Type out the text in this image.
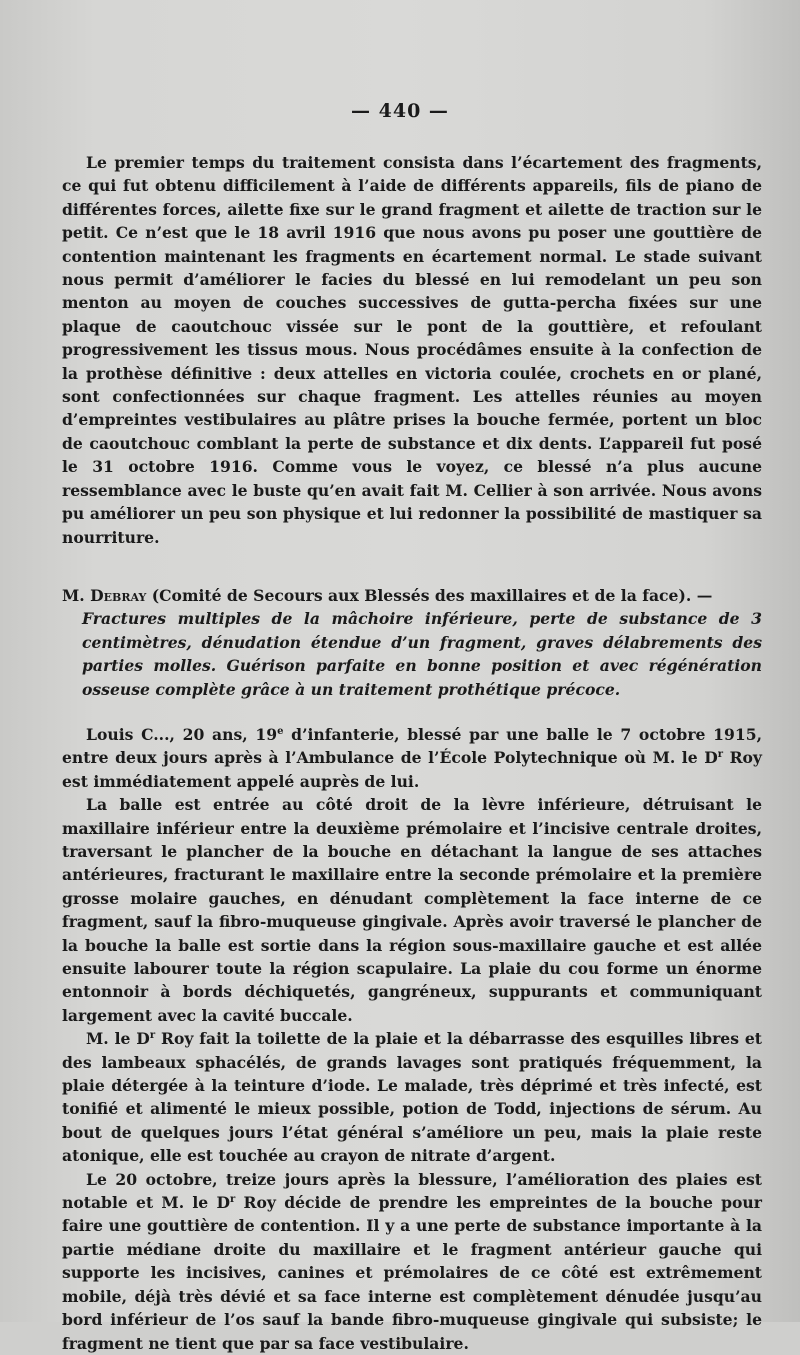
— 440 —

Le premier temps du traitement consista dans l’écartement des fragments, ce qui fut obtenu difficilement à l’aide de différents appareils, fils de piano de différentes forces, ailette fixe sur le grand fragment et ailette de traction sur le petit. Ce n’est que le 18 avril 1916 que nous avons pu poser une gouttière de contention maintenant les fragments en écartement normal. Le stade suivant nous permit d’améliorer le facies du blessé en lui remodelant un peu son menton au moyen de couches successives de gutta-percha fixées sur une plaque de caoutchouc vissée sur le pont de la gouttière, et refoulant progressivement les tissus mous. Nous procédâmes ensuite à la confection de la prothèse définitive : deux attelles en victoria coulée, crochets en or plané, sont confectionnées sur chaque fragment. Les attelles réunies au moyen d’empreintes vestibulaires au plâtre prises la bouche fermée, portent un bloc de caoutchouc comblant la perte de substance et dix dents. L’appareil fut posé le 31 octobre 1916. Comme vous le voyez, ce blessé n’a plus aucune ressemblance avec le buste qu’en avait fait M. Cellier à son arrivée. Nous avons pu améliorer un peu son physique et lui redonner la possibilité de mastiquer sa nourriture.

M. Debray (Comité de Secours aux Blessés des maxillaires et de la face). —

Fractures multiples de la mâchoire inférieure, perte de substance de 3 centimètres, dénudation étendue d’un fragment, graves délabrements des parties molles. Guérison parfaite en bonne position et avec régénération osseuse complète grâce à un traitement prothétique précoce.

Louis C..., 20 ans, 19e d’infanterie, blessé par une balle le 7 octobre 1915, entre deux jours après à l’Ambulance de l’École Polytechnique où M. le $D^r$ Roy est immédiatement appelé auprès de lui.

La balle est entrée au côté droit de la lèvre inférieure, détruisant le maxillaire inférieur entre la deuxième prémolaire et l’incisive centrale droites, traversant le plancher de la bouche en détachant la langue de ses attaches antérieures, fracturant le maxillaire entre la seconde prémolaire et la première grosse molaire gauches, en dénudant complètement la face interne de ce fragment, sauf la fibro-muqueuse gingivale. Après avoir traversé le plancher de la bouche la balle est sortie dans la région sous-maxillaire gauche et est allée ensuite labourer toute la région scapulaire. La plaie du cou forme un énorme entonnoir à bords déchiquetés, gangréneux, suppurants et communiquant largement avec la cavité buccale.

M. le $D^r$ Roy fait la toilette de la plaie et la débarrasse des esquilles libres et des lambeaux sphacélés, de grands lavages sont pratiqués fréquemment, la plaie détergée à la teinture d’iode. Le malade, très déprimé et très infecté, est tonifié et alimenté le mieux possible, potion de Todd, injections de sérum. Au bout de quelques jours l’état général s’améliore un peu, mais la plaie reste atonique, elle est touchée au crayon de nitrate d’argent.

Le 20 octobre, treize jours après la blessure, l’amélioration des plaies est notable et M. le $D^r$ Roy décide de prendre les empreintes de la bouche pour faire une gouttière de contention. Il y a une perte de substance importante à la partie médiane droite du maxillaire et le fragment antérieur gauche qui supporte les incisives, canines et prémolaires de ce côté est extrêmement mobile, déjà très dévié et sa face interne est complètement dénudée jusqu’au bord inférieur de l’os sauf la bande fibro-muqueuse gingivale qui subsiste; le fragment ne tient que par sa face vestibulaire.
